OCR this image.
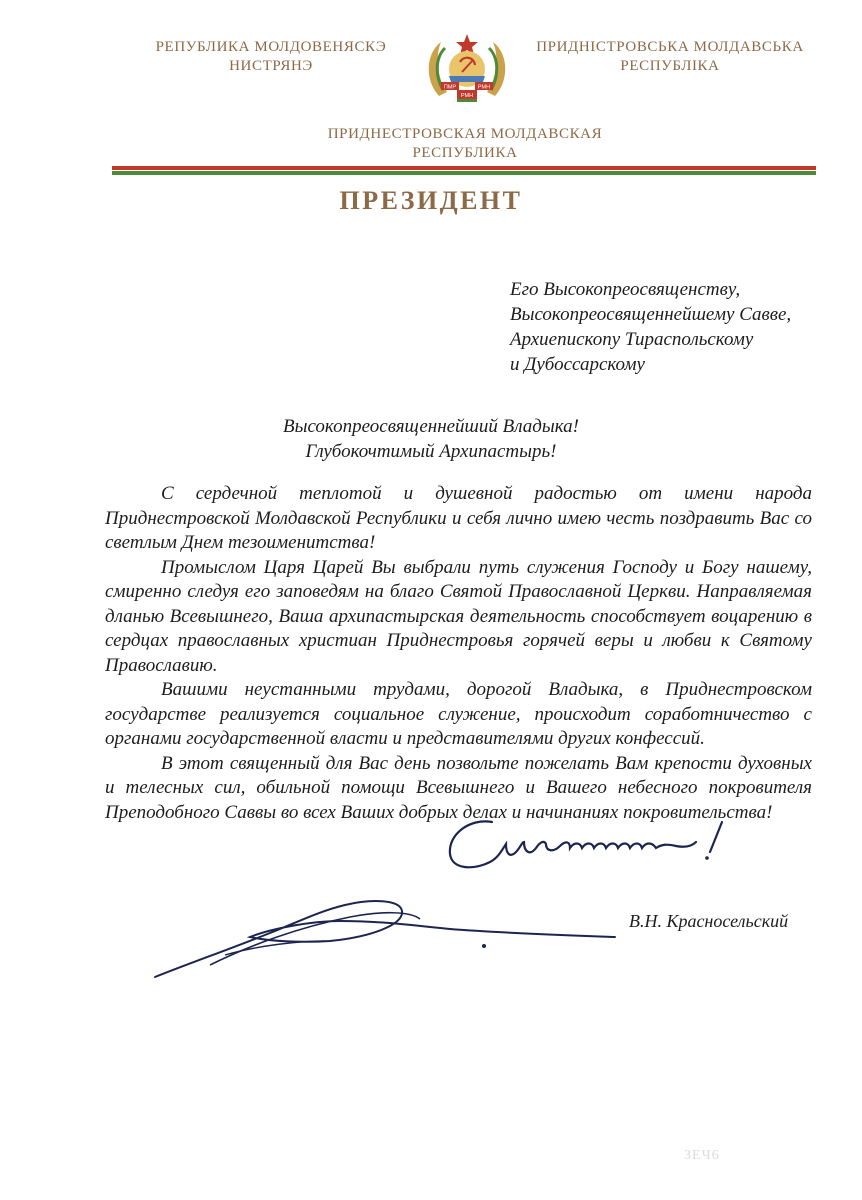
РЕПУБЛИКА МОЛДОВЕНЯСКЭ
НИСТРЯНЭ
ПМР	РМН
РМН
ПРИДНІСТРОВСЬКА МОЛДАВСЬКА
РЕСПУБЛІКА
ПРИДНЕСТРОВСКАЯ МОЛДАВСКАЯ
РЕСПУБЛИКА
ПРЕЗИДЕНТ
Его Высокопреосвященству,
Высокопреосвященнейшему Савве,
Архиепископу Тираспольскому
и Дубоссарскому
Высокопреосвященнейший Владыка!
Глубокочтимый Архипастырь!

С сердечной теплотой и душевной радостью от имени народа Приднестровской Молдавской Республики и себя лично имею честь поздравить Вас со светлым Днем тезоименитства!

Промыслом Царя Царей Вы выбрали путь служения Господу и Богу нашему, смиренно следуя его заповедям на благо Святой Православной Церкви. Направляемая дланью Всевышнего, Ваша архипастырская деятельность способствует воцарению в сердцах православных христиан Приднестровья горячей веры и любви к Святому Православию.

Вашими неустанными трудами, дорогой Владыка, в Приднестровском государстве реализуется социальное служение, происходит соработничество с органами государственной власти и представителями других конфессий.

В этот священный для Вас день позвольте пожелать Вам крепости духовных и телесных сил, обильной помощи Всевышнего и Вашего небесного покровителя Преподобного Саввы во всех Ваших добрых делах и начинаниях покровительства!

В.Н. Красносельский
ЗЕЧ6
